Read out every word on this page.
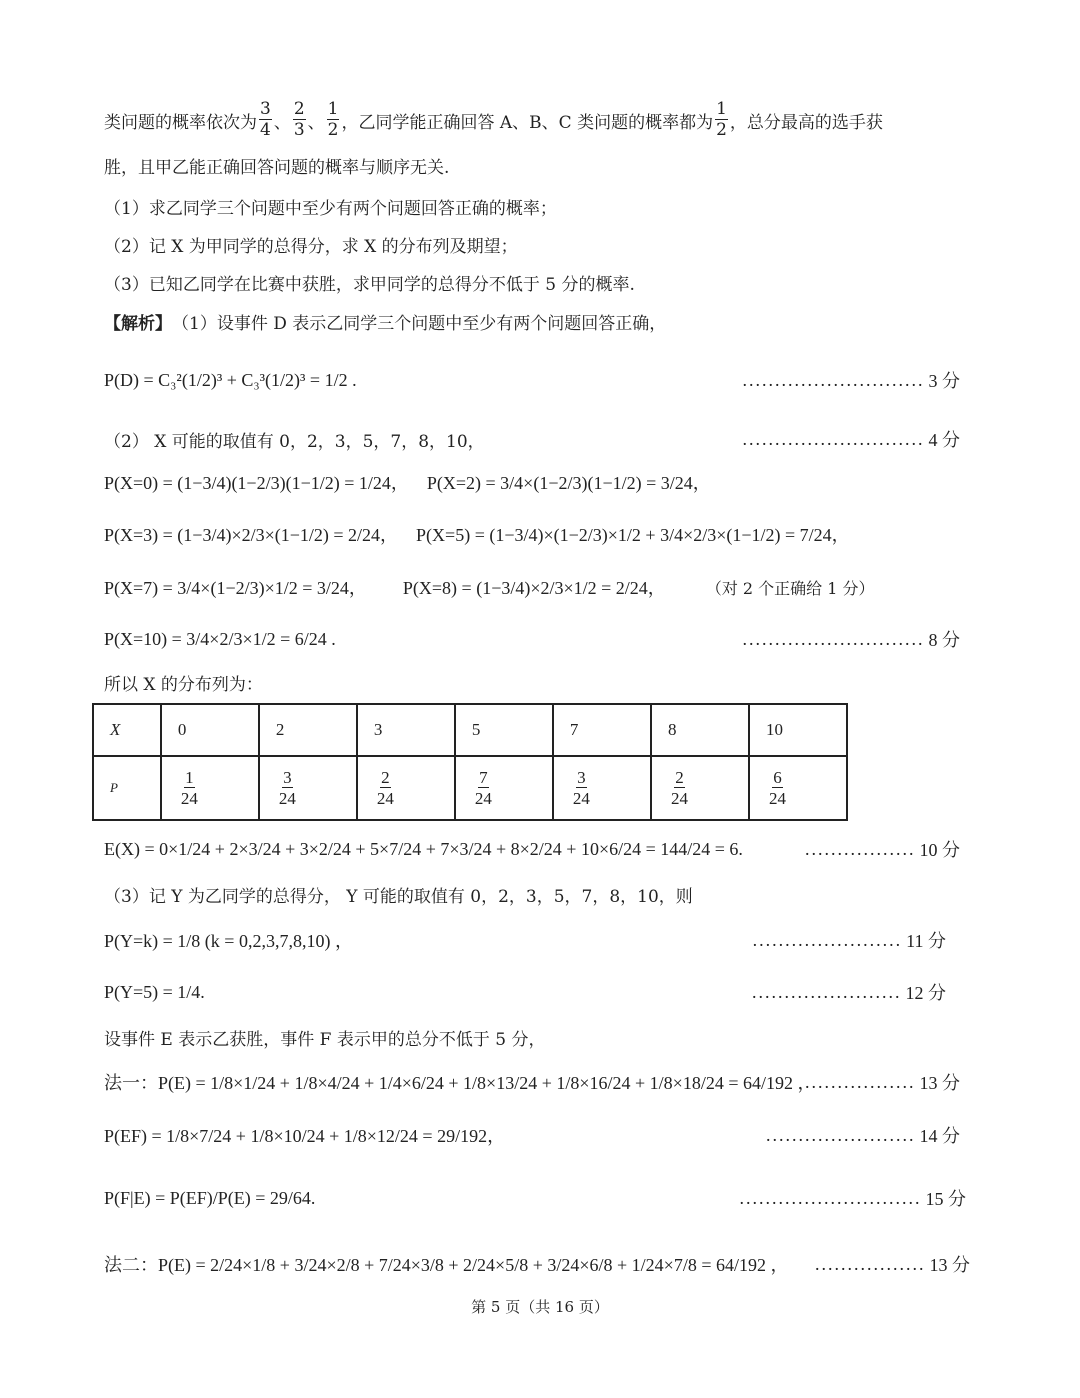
类问题的概率依次为 $\frac{3}{4}$ 、 $\frac{2}{3}$ 、 $\frac{1}{2}$ ，乙同学能正确回答 A、B、C 类问题的概率都为 $\frac{1}{2}$ ，总分最高的选手获
胜，且甲乙能正确回答问题的概率与顺序无关.
（1）求乙同学三个问题中至少有两个问题回答正确的概率；
（2）记 X 为甲同学的总得分，求 X 的分布列及期望；
（3）已知乙同学在比赛中获胜，求甲同学的总得分不低于 5 分的概率.
【解析】 （1）设事件 D 表示乙同学三个问题中至少有两个问题回答正确，
P(D) = C₃²(1/2)³ + C₃³(1/2)³ = 1/2 .	............................ 3 分
（2） X 可能的取值有 0，2，3，5，7，8，10，	............................ 4 分
P(X=0) = (1−3/4)(1−2/3)(1−1/2) = 1/24， P(X=2) = 3/4×(1−2/3)(1−1/2) = 3/24，
P(X=3) = (1−3/4)×2/3×(1−1/2) = 2/24， P(X=5) = (1−3/4)×(1−2/3)×1/2 + 3/4×2/3×(1−1/2) = 7/24，
P(X=7) = 3/4×(1−2/3)×1/2 = 3/24， P(X=8) = (1−3/4)×2/3×1/2 = 2/24，	（对 2 个正确给 1 分）
P(X=10) = 3/4×2/3×1/2 = 6/24 .	............................ 8 分
所以 X 的分布列为：
X	0	2	3	5	7	8	10
P	$\frac{1}{24}$	$\frac{3}{24}$	$\frac{2}{24}$	$\frac{7}{24}$	$\frac{3}{24}$	$\frac{2}{24}$	$\frac{6}{24}$
E(X) = 0×1/24 + 2×3/24 + 3×2/24 + 5×7/24 + 7×3/24 + 8×2/24 + 10×6/24 = 144/24 = 6.	................. 10 分
（3）记 Y 为乙同学的总得分， Y 可能的取值有 0，2，3，5，7，8，10，则
P(Y=k) = 1/8 (k = 0,2,3,7,8,10) ，	....................... 11 分
P(Y=5) = 1/4.	....................... 12 分
设事件 E 表示乙获胜，事件 F 表示甲的总分不低于 5 分，
法一： P(E) = 1/8×1/24 + 1/8×4/24 + 1/4×6/24 + 1/8×13/24 + 1/8×16/24 + 1/8×18/24 = 64/192 ，
................. 13 分
P(EF) = 1/8×7/24 + 1/8×10/24 + 1/8×12/24 = 29/192，	....................... 14 分
P(F|E) = P(EF)/P(E) = 29/64.	............................ 15 分
法二： P(E) = 2/24×1/8 + 3/24×2/8 + 7/24×3/8 + 2/24×5/8 + 3/24×6/8 + 1/24×7/8 = 64/192 ， ................. 13 分
第 5 页（共 16 页）
